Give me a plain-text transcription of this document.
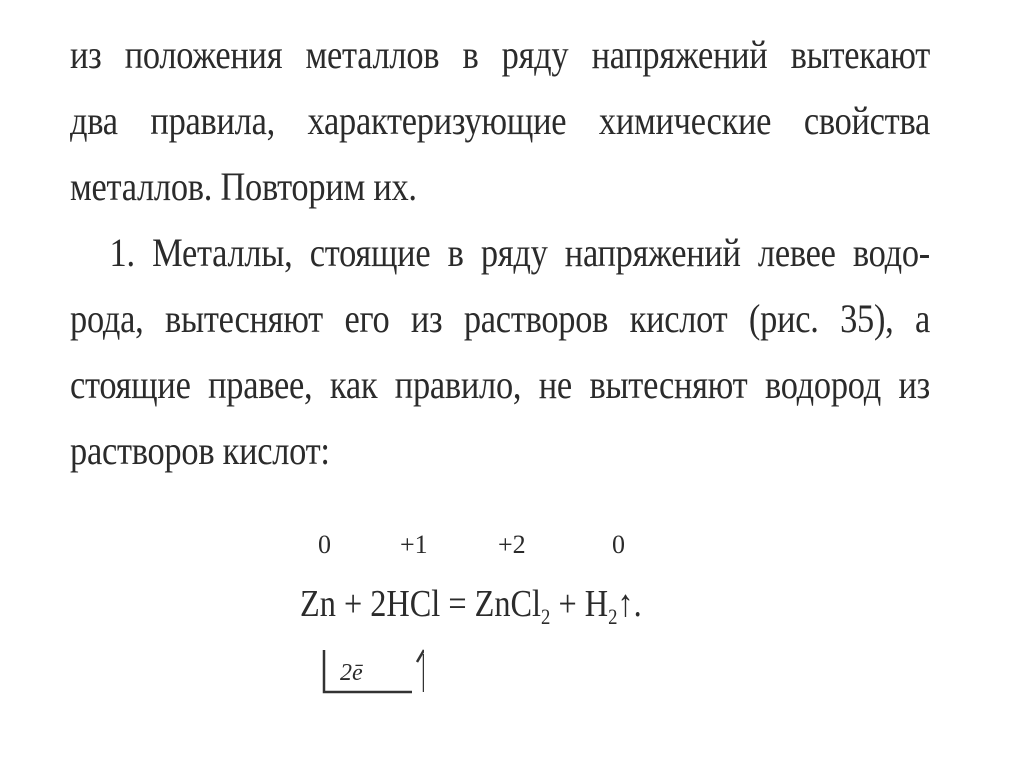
из положения металлов в ряду напряжений вытекают
два правила, характеризующие химические свойства
металлов. Повторим их.
1. Металлы, стоящие в ряду напряжений левее водо-
рода, вытесняют его из растворов кислот (рис. 35), а
стоящие правее, как правило, не вытесняют водород из
растворов кислот:
0	+1	+2	0
Zn + 2HCl = ZnCl$_2$ + $H_2↑$.
2ē
